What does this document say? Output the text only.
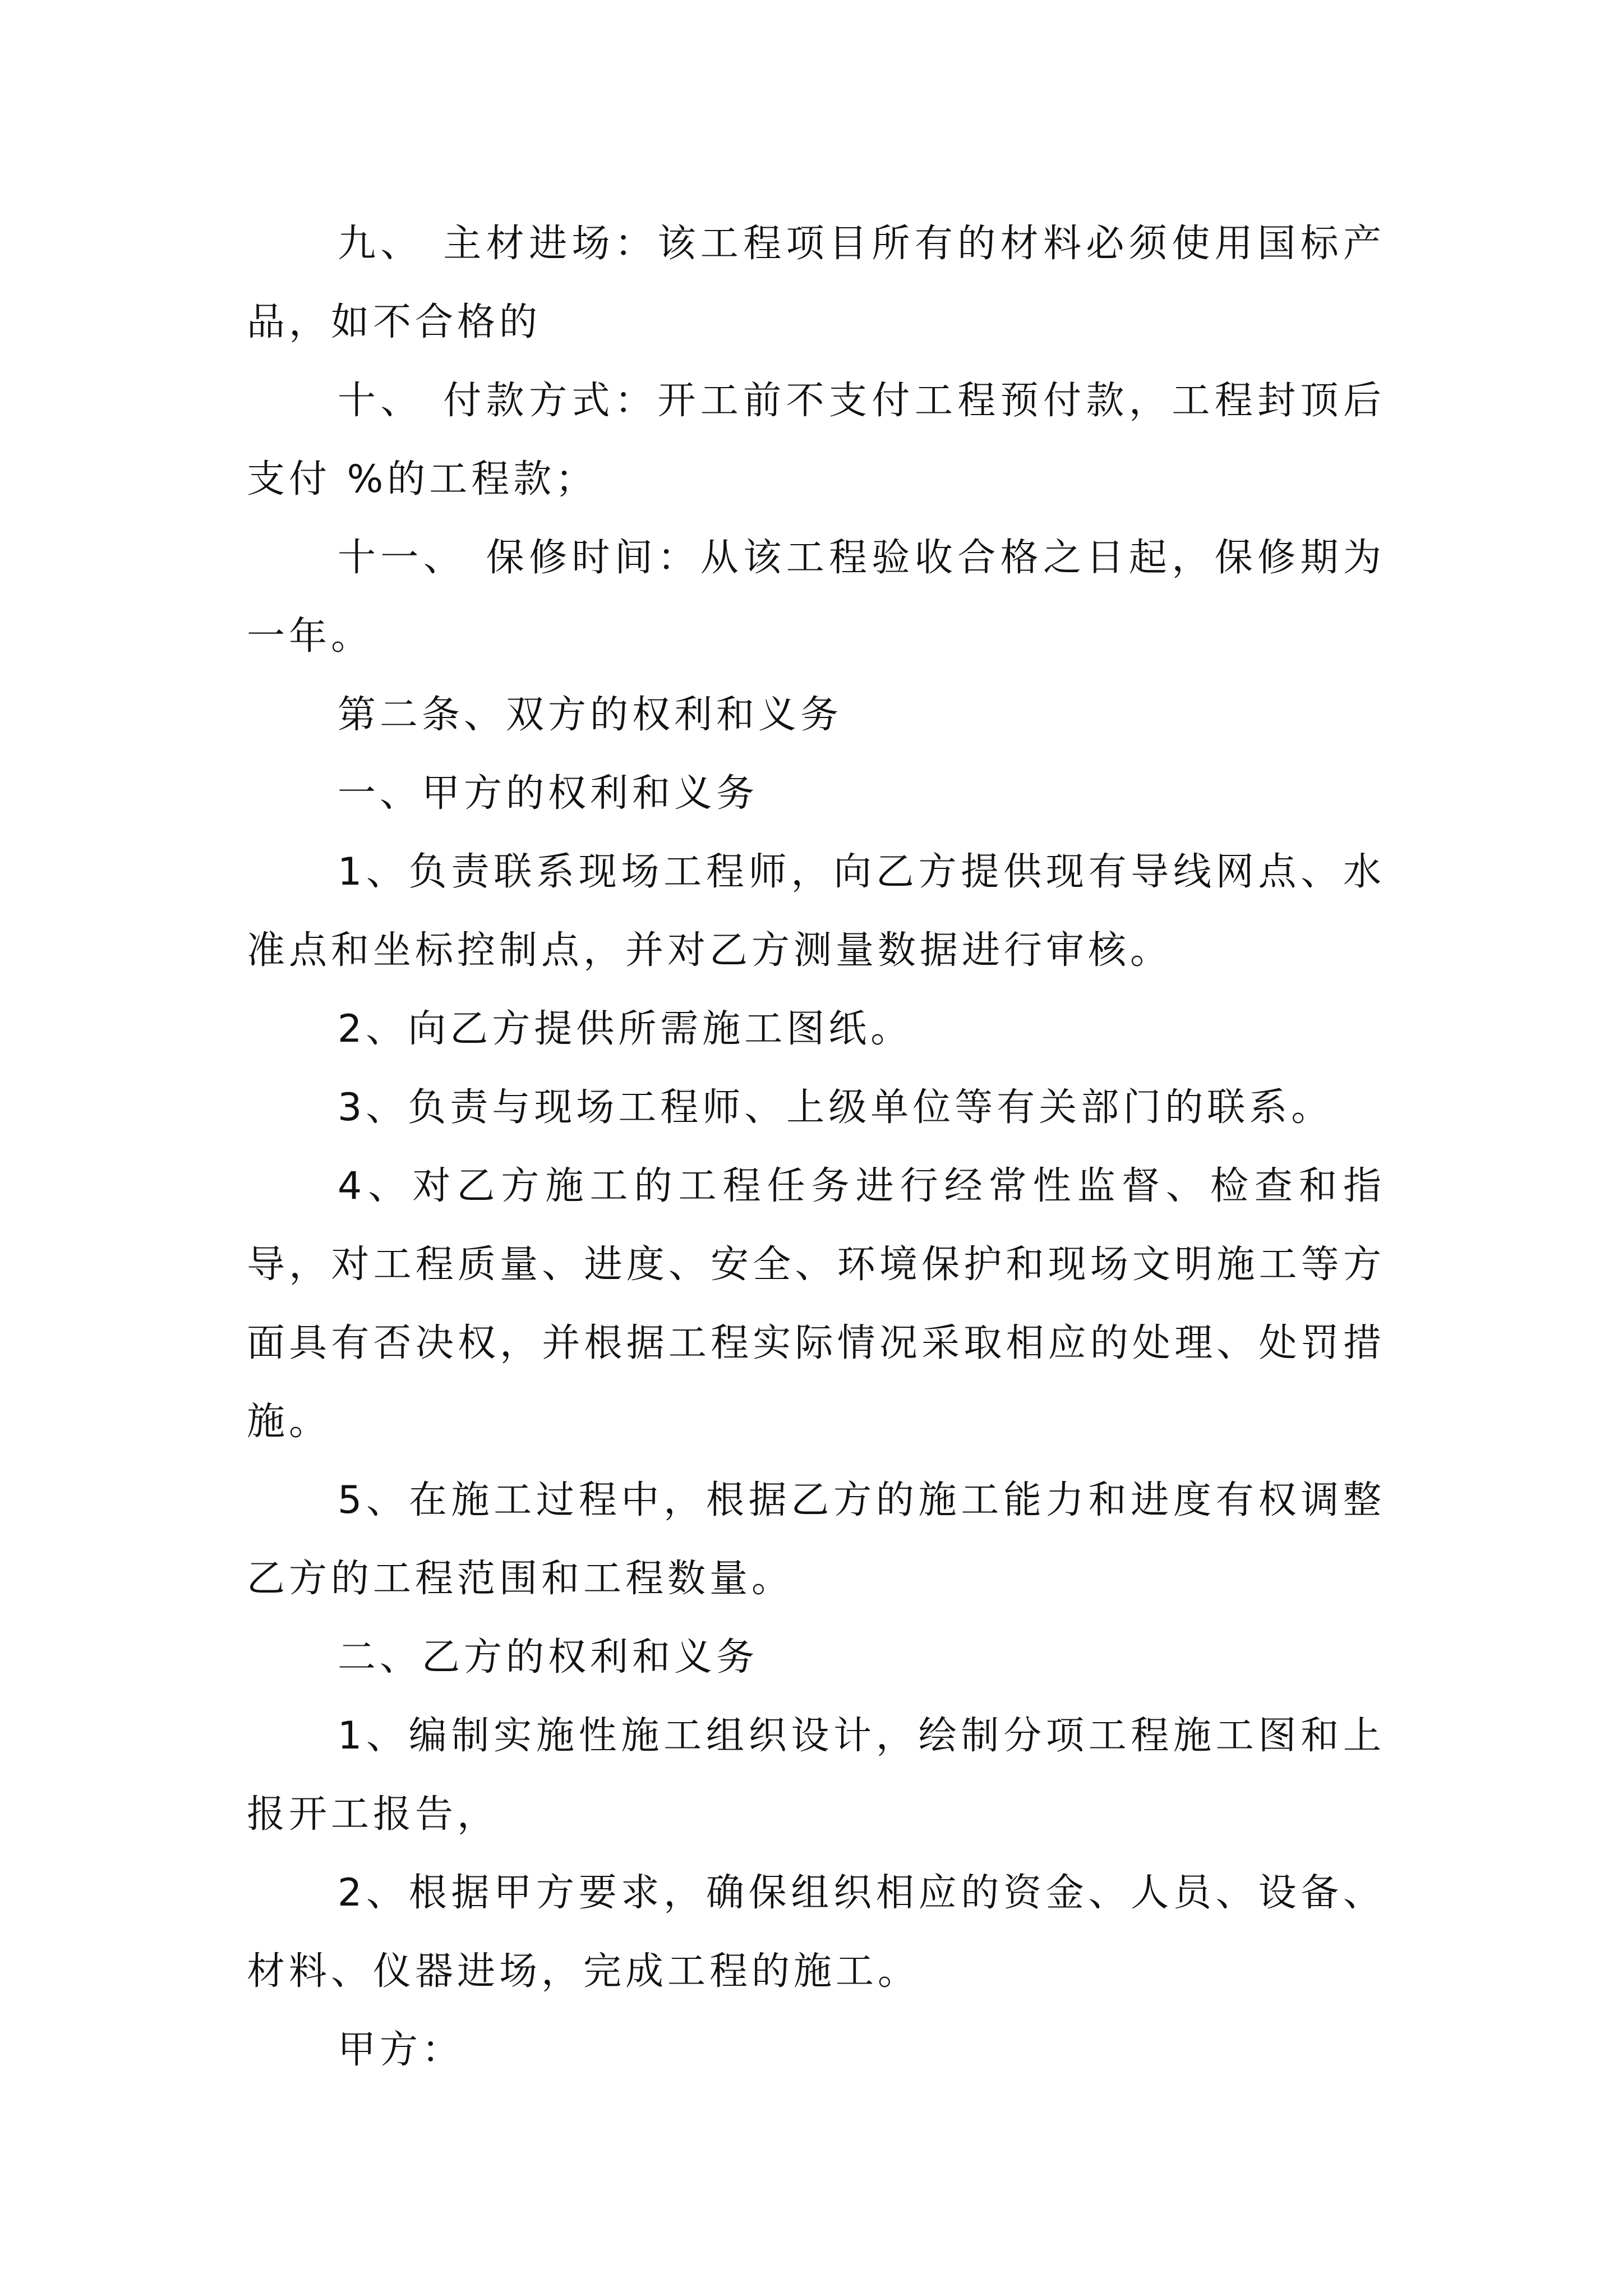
九、 主材进场：该工程项目所有的材料必须使用国标产品，如不合格的

十、 付款方式：开工前不支付工程预付款，工程封顶后支付 %的工程款；

十一、 保修时间：从该工程验收合格之日起，保修期为一年。

第二条、双方的权利和义务

一、甲方的权利和义务

1、负责联系现场工程师，向乙方提供现有导线网点、水准点和坐标控制点，并对乙方测量数据进行审核。

2、向乙方提供所需施工图纸。

3、负责与现场工程师、上级单位等有关部门的联系。

4、对乙方施工的工程任务进行经常性监督、检查和指导，对工程质量、进度、安全、环境保护和现场文明施工等方面具有否决权，并根据工程实际情况采取相应的处理、处罚措施。

5、在施工过程中，根据乙方的施工能力和进度有权调整乙方的工程范围和工程数量。

二、乙方的权利和义务

1、编制实施性施工组织设计，绘制分项工程施工图和上报开工报告，

2、根据甲方要求，确保组织相应的资金、人员、设备、材料、仪器进场，完成工程的施工。

甲方：
